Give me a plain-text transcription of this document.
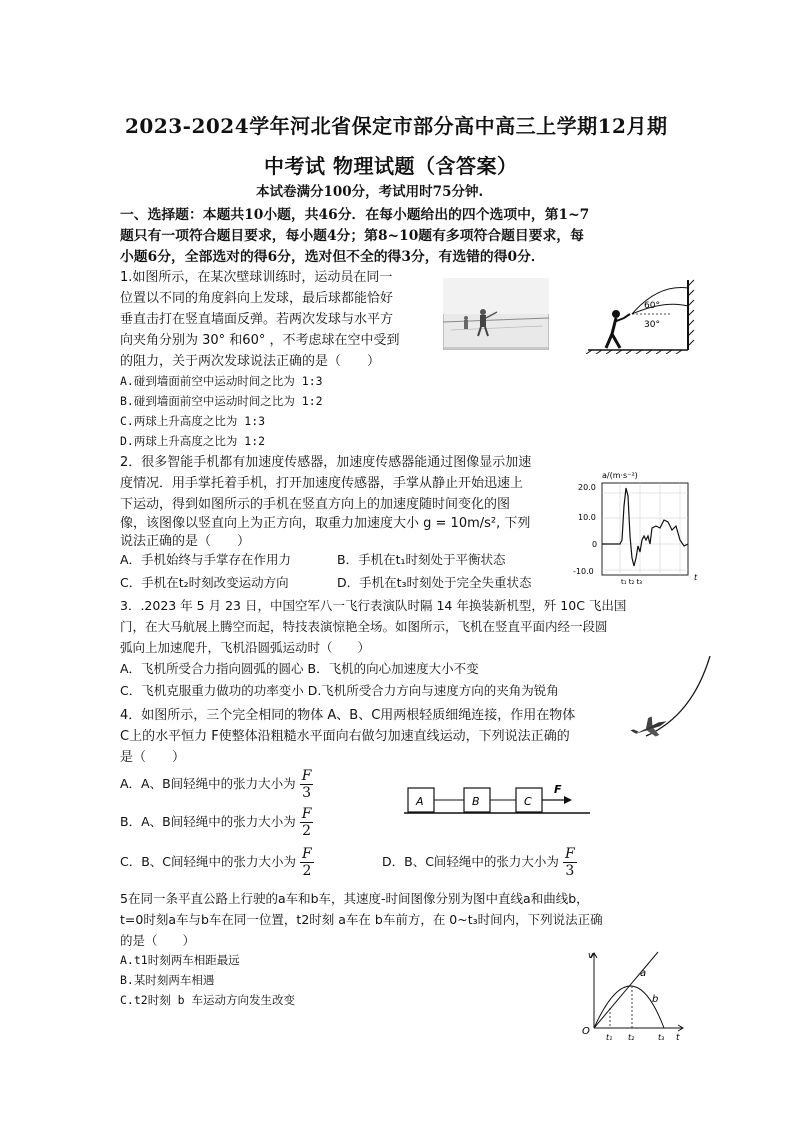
2023-2024学年河北省保定市部分高中高三上学期12月期
中考试 物理试题（含答案）
本试卷满分100分，考试用时75分钟.
一、选择题：本题共10小题，共46分．在每小题给出的四个选项中，第1~7
题只有一项符合题目要求，每小题4分；第8~10题有多项符合题目要求，每
小题6分，全部选对的得6分，选对但不全的得3分，有选错的得0分．
1.如图所示，在某次壁球训练时，运动员在同一
位置以不同的角度斜向上发球，最后球都能恰好
垂直击打在竖直墙面反弹。若两次发球与水平方
向夹角分别为 30° 和60° ，不考虑球在空中受到
的阻力，关于两次发球说法正确的是（　　）
A.碰到墙面前空中运动时间之比为 1:3
B.碰到墙面前空中运动时间之比为 1:2
C.两球上升高度之比为 1:3
D.两球上升高度之比为 1:2
60°
30°
2．很多智能手机都有加速度传感器，加速度传感器能通过图像显示加速
度情况．用手掌托着手机，打开加速度传感器，手掌从静止开始迅速上
下运动，得到如图所示的手机在竖直方向上的加速度随时间变化的图
像，该图像以竖直向上为正方向，取重力加速度大小 g = 10m/s², 下列
说法正确的是（　　）
A．手机始终与手掌存在作用力	B．手机在t₁时刻处于平衡状态
C．手机在t₂时刻改变运动方向	D．手机在t₃时刻处于完全失重状态
a/(m·s⁻²)
20.0
10.0
0
-10.0
t₁ t₂ t₃	t
3．.2023 年 5 月 23 日，中国空军八一飞行表演队时隔 14 年换装新机型，歼 10C 飞出国
门，在大马航展上腾空而起，特技表演惊艳全场。如图所示，飞机在竖直平面内经一段圆
弧向上加速爬升，飞机沿圆弧运动时（　　）
A．飞机所受合力指向圆弧的圆心 B．飞机的向心加速度大小不变
C．飞机克服重力做功的功率变小 D.飞机所受合力方向与速度方向的夹角为锐角
4．如图所示，三个完全相同的物体 A、B、C用两根轻质细绳连接，作用在物体
C上的水平恒力 F使整体沿粗糙水平面向右做匀加速直线运动，下列说法正确的
是（　　）
A．A、B间轻绳中的张力大小为 $\frac{F}{3}$
B．A、B间轻绳中的张力大小为 $\frac{F}{2}$
C．B、C间轻绳中的张力大小为 $\frac{F}{2}$	D．B、C间轻绳中的张力大小为 $\frac{F}{3}$
A	B	C
F
5在同一条平直公路上行驶的a车和b车，其速度-时间图像分别为图中直线a和曲线b，
t=0时刻a车与b车在同一位置，t2时刻 a车在 b车前方，在 0~t₃时间内，下列说法正确
的是（　　）
A.t1时刻两车相距最远
B.某时刻两车相遇
C.t2时刻 b 车运动方向发生改变
v
O
a
b
t₁ t₂	t₃ t
